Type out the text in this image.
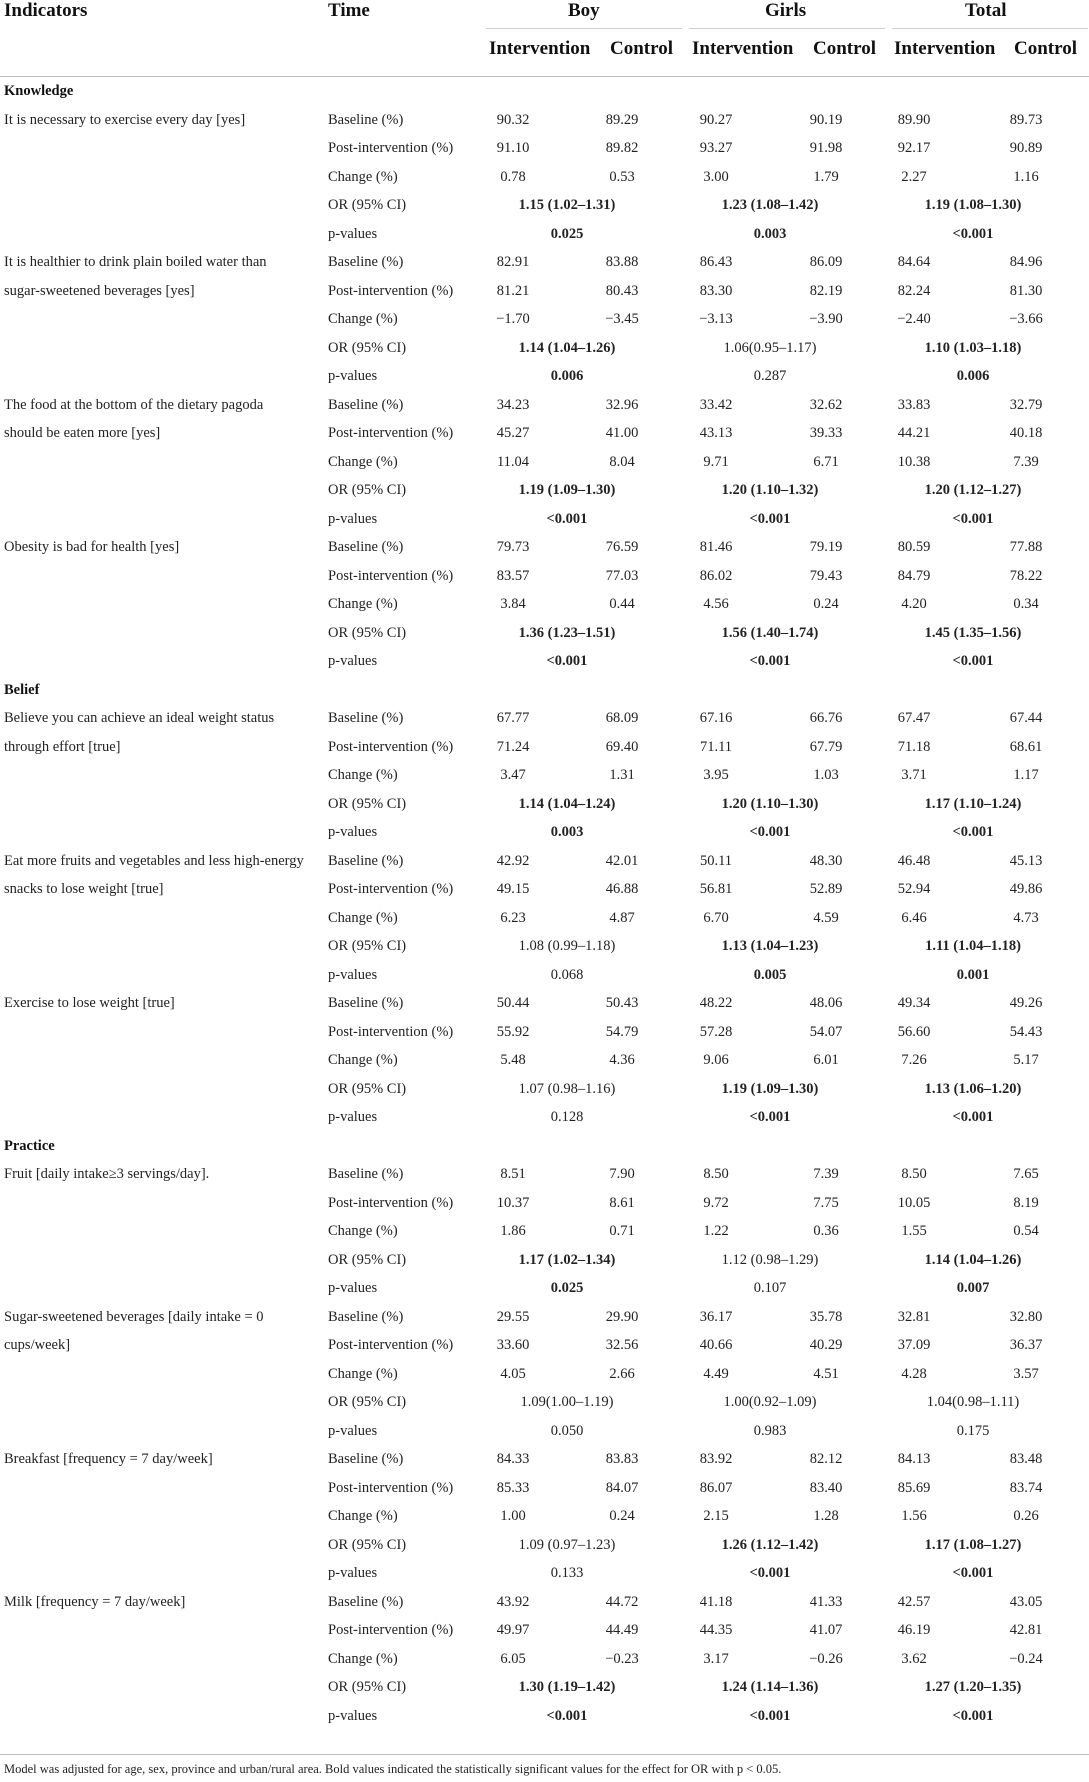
Indicators	Time	Boy	Girls	Total
Intervention Control Intervention Control Intervention Control
Knowledge
It is necessary to exercise every day [yes]	Baseline (%)	90.32	89.29	90.27	90.19	89.90	89.73
Post-intervention (%)	91.10	89.82	93.27	91.98	92.17	90.89
Change (%)	0.78	0.53	3.00	1.79	2.27	1.16
OR (95% CI)	1.15 (1.02–1.31)	1.23 (1.08–1.42)	1.19 (1.08–1.30)
p-values	0.025	0.003	<0.001
It is healthier to drink plain boiled water than sugar-sweetened beverages [yes]
Baseline (%)	82.91	83.88	86.43	86.09	84.64	84.96
Post-intervention (%)	81.21	80.43	83.30	82.19	82.24	81.30
Change (%)	−1.70	−3.45	−3.13	−3.90	−2.40	−3.66
OR (95% CI)	1.14 (1.04–1.26)	1.06(0.95–1.17)	1.10 (1.03–1.18)
p-values	0.006	0.287	0.006
The food at the bottom of the dietary pagoda should be eaten more [yes]
Baseline (%)	34.23	32.96	33.42	32.62	33.83	32.79
Post-intervention (%)	45.27	41.00	43.13	39.33	44.21	40.18
Change (%)	11.04	8.04	9.71	6.71	10.38	7.39
OR (95% CI)	1.19 (1.09–1.30)	1.20 (1.10–1.32)	1.20 (1.12–1.27)
p-values	<0.001	<0.001	<0.001
Obesity is bad for health [yes]	Baseline (%)	79.73	76.59	81.46	79.19	80.59	77.88
Post-intervention (%)	83.57	77.03	86.02	79.43	84.79	78.22
Change (%)	3.84	0.44	4.56	0.24	4.20	0.34
OR (95% CI)	1.36 (1.23–1.51)	1.56 (1.40–1.74)	1.45 (1.35–1.56)
p-values	<0.001	<0.001	<0.001
Belief
Believe you can achieve an ideal weight status through effort [true]
Baseline (%)	67.77	68.09	67.16	66.76	67.47	67.44
Post-intervention (%)	71.24	69.40	71.11	67.79	71.18	68.61
Change (%)	3.47	1.31	3.95	1.03	3.71	1.17
OR (95% CI)	1.14 (1.04–1.24)	1.20 (1.10–1.30)	1.17 (1.10–1.24)
p-values	0.003	<0.001	<0.001
Eat more fruits and vegetables and less high-energy snacks to lose weight [true]
Baseline (%)	42.92	42.01	50.11	48.30	46.48	45.13
Post-intervention (%)	49.15	46.88	56.81	52.89	52.94	49.86
Change (%)	6.23	4.87	6.70	4.59	6.46	4.73
OR (95% CI)	1.08 (0.99–1.18)	1.13 (1.04–1.23)	1.11 (1.04–1.18)
p-values	0.068	0.005	0.001
Exercise to lose weight [true]	Baseline (%)	50.44	50.43	48.22	48.06	49.34	49.26
Post-intervention (%)	55.92	54.79	57.28	54.07	56.60	54.43
Change (%)	5.48	4.36	9.06	6.01	7.26	5.17
OR (95% CI)	1.07 (0.98–1.16)	1.19 (1.09–1.30)	1.13 (1.06–1.20)
p-values	0.128	<0.001	<0.001
Practice
Fruit [daily intake≥3 servings/day].	Baseline (%)	8.51	7.90	8.50	7.39	8.50	7.65
Post-intervention (%)	10.37	8.61	9.72	7.75	10.05	8.19
Change (%)	1.86	0.71	1.22	0.36	1.55	0.54
OR (95% CI)	1.17 (1.02–1.34)	1.12 (0.98–1.29)	1.14 (1.04–1.26)
p-values	0.025	0.107	0.007
Sugar-sweetened beverages [daily intake = 0 cups/week]
Baseline (%)	29.55	29.90	36.17	35.78	32.81	32.80
Post-intervention (%)	33.60	32.56	40.66	40.29	37.09	36.37
Change (%)	4.05	2.66	4.49	4.51	4.28	3.57
OR (95% CI)	1.09(1.00–1.19)	1.00(0.92–1.09)	1.04(0.98–1.11)
p-values	0.050	0.983	0.175
Breakfast [frequency = 7 day/week]	Baseline (%)	84.33	83.83	83.92	82.12	84.13	83.48
Post-intervention (%)	85.33	84.07	86.07	83.40	85.69	83.74
Change (%)	1.00	0.24	2.15	1.28	1.56	0.26
OR (95% CI)	1.09 (0.97–1.23)	1.26 (1.12–1.42)	1.17 (1.08–1.27)
p-values	0.133	<0.001	<0.001
Milk [frequency = 7 day/week]	Baseline (%)	43.92	44.72	41.18	41.33	42.57	43.05
Post-intervention (%)	49.97	44.49	44.35	41.07	46.19	42.81
Change (%)	6.05	−0.23	3.17	−0.26	3.62	−0.24
OR (95% CI)	1.30 (1.19–1.42)	1.24 (1.14–1.36)	1.27 (1.20–1.35)
p-values	<0.001	<0.001	<0.001
Model was adjusted for age, sex, province and urban/rural area. Bold values indicated the statistically significant values for the effect for OR with p < 0.05.
